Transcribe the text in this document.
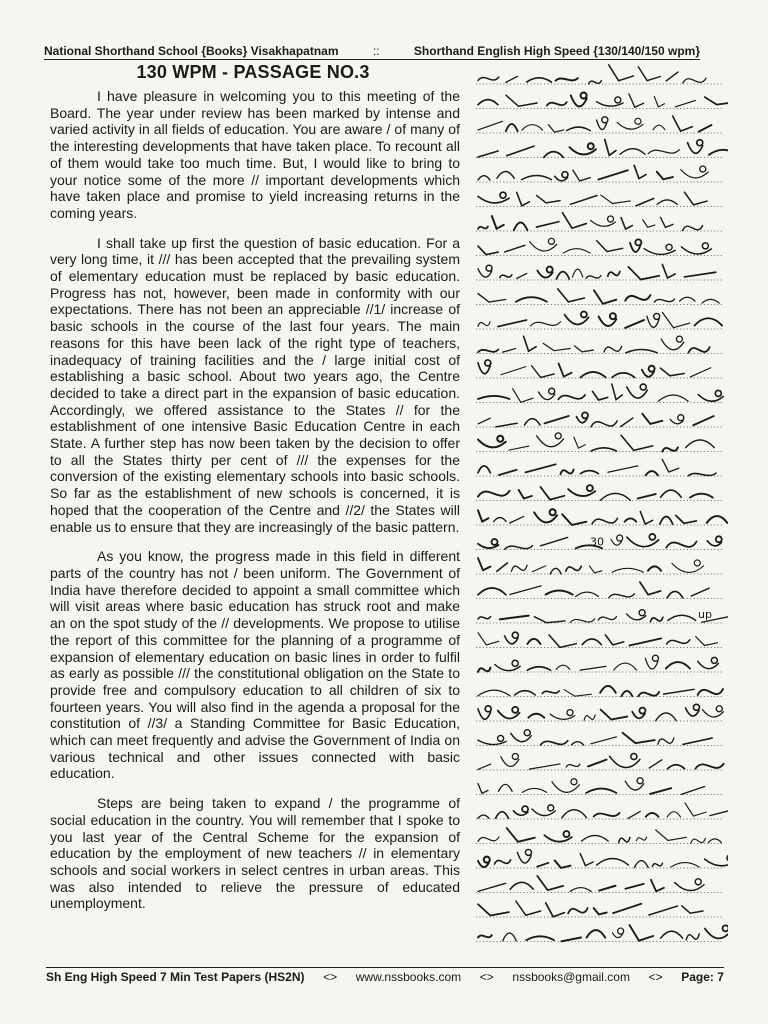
National Shorthand School {Books} Visakhapatnam	::	Shorthand English High Speed {130/140/150 wpm}
130 WPM - PASSAGE NO.3

I have pleasure in welcoming you to this meeting of the Board. The year under review has been marked by intense and varied activity in all fields of education. You are aware / of many of the interesting developments that have taken place. To recount all of them would take too much time. But, I would like to bring to your notice some of the more // important developments which have taken place and promise to yield increasing returns in the coming years.

I shall take up first the question of basic education. For a very long time, it /// has been accepted that the prevailing system of elementary education must be replaced by basic education. Progress has not, however, been made in conformity with our expectations. There has not been an appreciable //1/ increase of basic schools in the course of the last four years. The main reasons for this have been lack of the right type of teachers, inadequacy of training facilities and the / large initial cost of establishing a basic school. About two years ago, the Centre decided to take a direct part in the expansion of basic education. Accordingly, we offered assistance to the States // for the establishment of one intensive Basic Education Centre in each State. A further step has now been taken by the decision to offer to all the States thirty per cent of /// the expenses for the conversion of the existing elementary schools into basic schools. So far as the establishment of new schools is concerned, it is hoped that the cooperation of the Centre and //2/ the States will enable us to ensure that they are increasingly of the basic pattern.

As you know, the progress made in this field in different parts of the country has not / been uniform. The Government of India have therefore decided to appoint a small committee which will visit areas where basic education has struck root and make an on the spot study of the // developments. We propose to utilise the report of this committee for the planning of a programme of expansion of elementary education on basic lines in order to fulfil as early as possible /// the constitutional obligation on the State to provide free and compulsory education to all children of six to fourteen years. You will also find in the agenda a proposal for the constitution of //3/ a Standing Committee for Basic Education, which can meet frequently and advise the Government of India on various technical and other issues connected with basic education.

Steps are being taken to expand / the programme of social education in the country. You will remember that I spoke to you last year of the Central Scheme for the expansion of education by the employment of new teachers // in elementary schools and social workers in select centres in urban areas. This was also intended to relieve the pressure of educated unemployment.

30
up
Sh Eng High Speed 7 Min Test Papers (HS2N) <> www.nssbooks.com <> nssbooks@gmail.com <> Page: 7
